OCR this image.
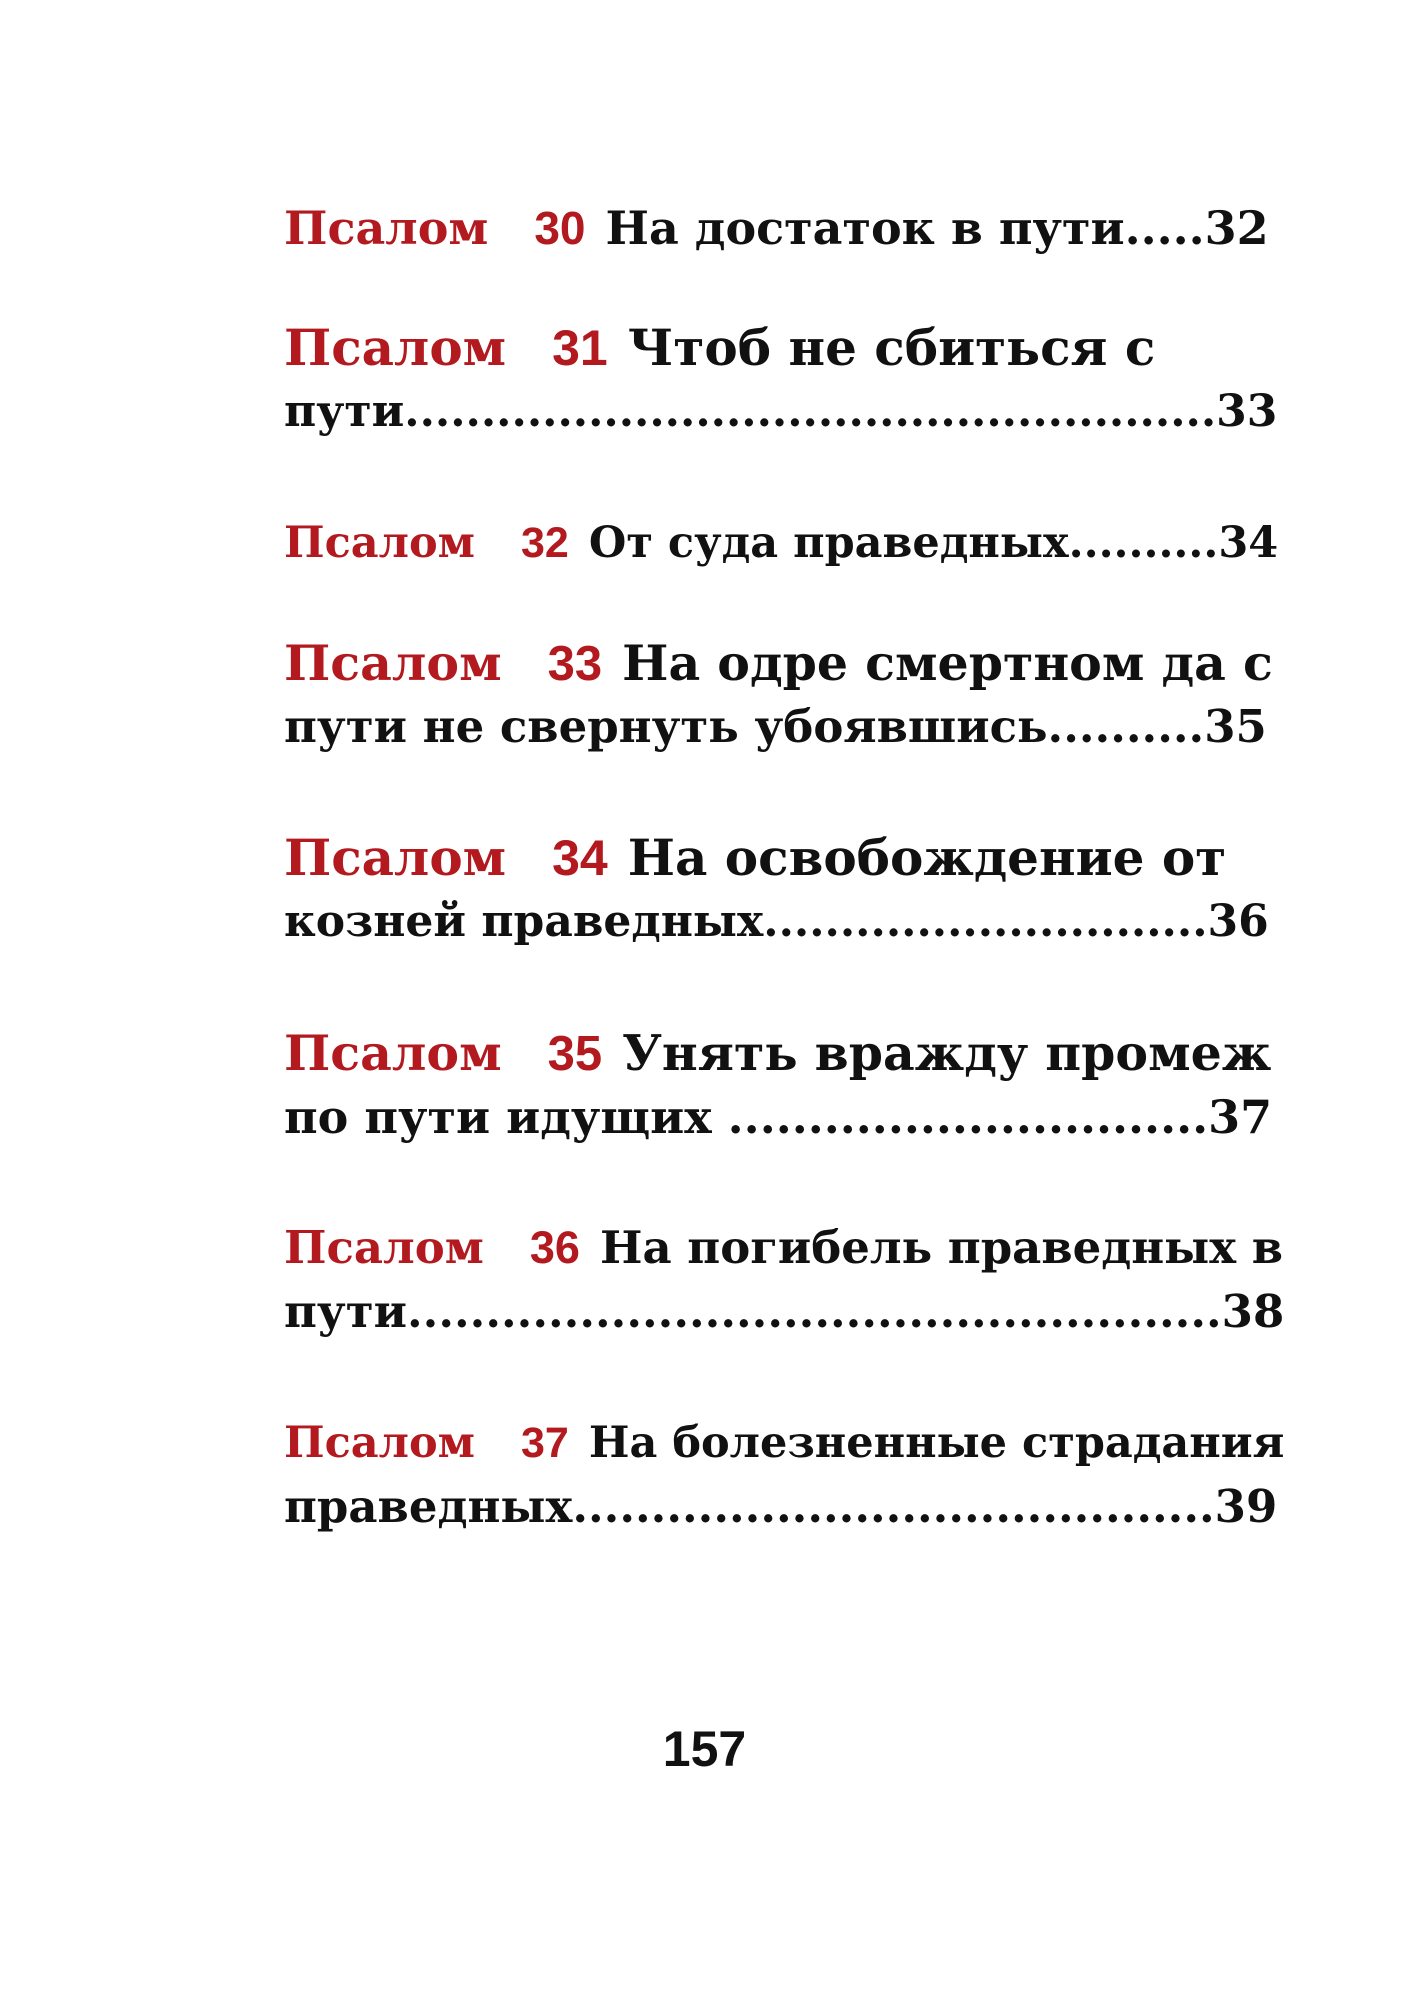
Псалом 30 На достаток в пути.....32
Псалом 31 Чтоб не сбиться с
пути.....................................................33
Псалом 32 От суда праведных..........34
Псалом 33 На одре смертном да с
пути не свернуть убоявшись..........35
Псалом 34 На освобождение от
козней праведных.............................36
Псалом 35 Унять вражду промеж
по пути идущих ..............................37
Псалом 36 На погибель праведных в
пути....................................................38
Псалом 37 На болезненные страдания
праведных.........................................39
157
